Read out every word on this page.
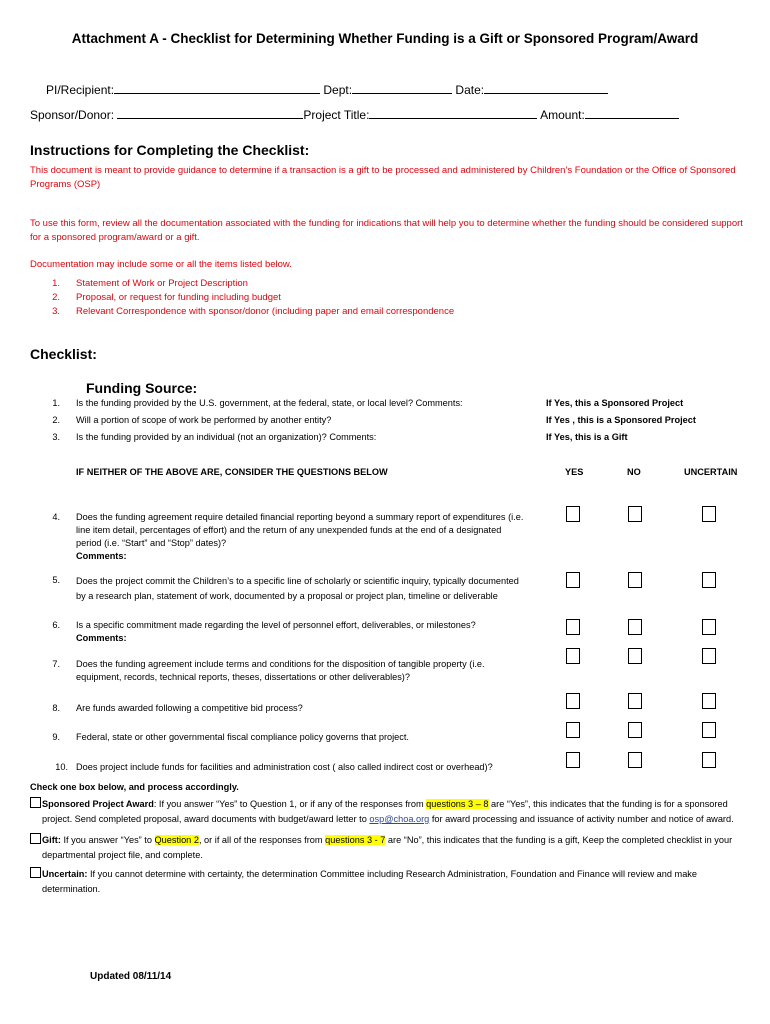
Attachment A - Checklist for Determining Whether Funding is a Gift or Sponsored Program/Award
PI/Recipient:	Dept:	Date:
Sponsor/Donor:	Project Title:	Amount:
Instructions for Completing the Checklist:
This document is meant to provide guidance to determine if a transaction is a gift to be processed and administered by Children’s Foundation or the Office of Sponsored
Programs (OSP)
To use this form, review all the documentation associated with the funding for indications that will help you to determine whether the funding should be considered support
for a sponsored program/award or a gift.
Documentation may include some or all the items listed below.
1. Statement of Work or Project Description
2. Proposal, or request for funding including budget
3. Relevant Correspondence with sponsor/donor (including paper and email correspondence
Checklist:
Funding Source:
1. Is the funding provided by the U.S. government, at the federal, state, or local level? Comments:	If Yes, this a Sponsored Project
2. Will a portion of scope of work be performed by another entity?	If Yes , this is a Sponsored Project
3. Is the funding provided by an individual (not an organization)? Comments:	If Yes, this is a Gift
IF NEITHER OF THE ABOVE ARE, CONSIDER THE QUESTIONS BELOW	YES	NO	UNCERTAIN
4. Does the funding agreement require detailed financial reporting beyond a summary report of expenditures (i.e.
line item detail, percentages of effort) and the return of any unexpended funds at the end of a designated
period (i.e. “Start” and “Stop” dates)?
Comments:
5. Does the project commit the Children’s to a specific line of scholarly or scientific inquiry, typically documented
by a research plan, statement of work, documented by a proposal or project plan, timeline or deliverable
6. Is a specific commitment made regarding the level of personnel effort, deliverables, or milestones?
Comments:
7. Does the funding agreement include terms and conditions for the disposition of tangible property (i.e.
equipment, records, technical reports, theses, dissertations or other deliverables)?
8. Are funds awarded following a competitive bid process?
9. Federal, state or other governmental fiscal compliance policy governs that project.
10. Does project include funds for facilities and administration cost ( also called indirect cost or overhead)?
Check one box below, and process accordingly.
Sponsored Project Award: If you answer “Yes” to Question 1, or if any of the responses from questions 3 – 8 are “Yes”, this indicates that the funding is for a sponsored
project. Send completed proposal, award documents with budget/award letter to osp@choa.org for award processing and issuance of activity number and notice of award.
Gift: If you answer “Yes” to Question 2, or if all of the responses from questions 3 - 7 are “No”, this indicates that the funding is a gift, Keep the completed checklist in your
departmental project file, and complete.
Uncertain: If you cannot determine with certainty, the determination Committee including Research Administration, Foundation and Finance will review and make
determination.
Updated 08/11/14
